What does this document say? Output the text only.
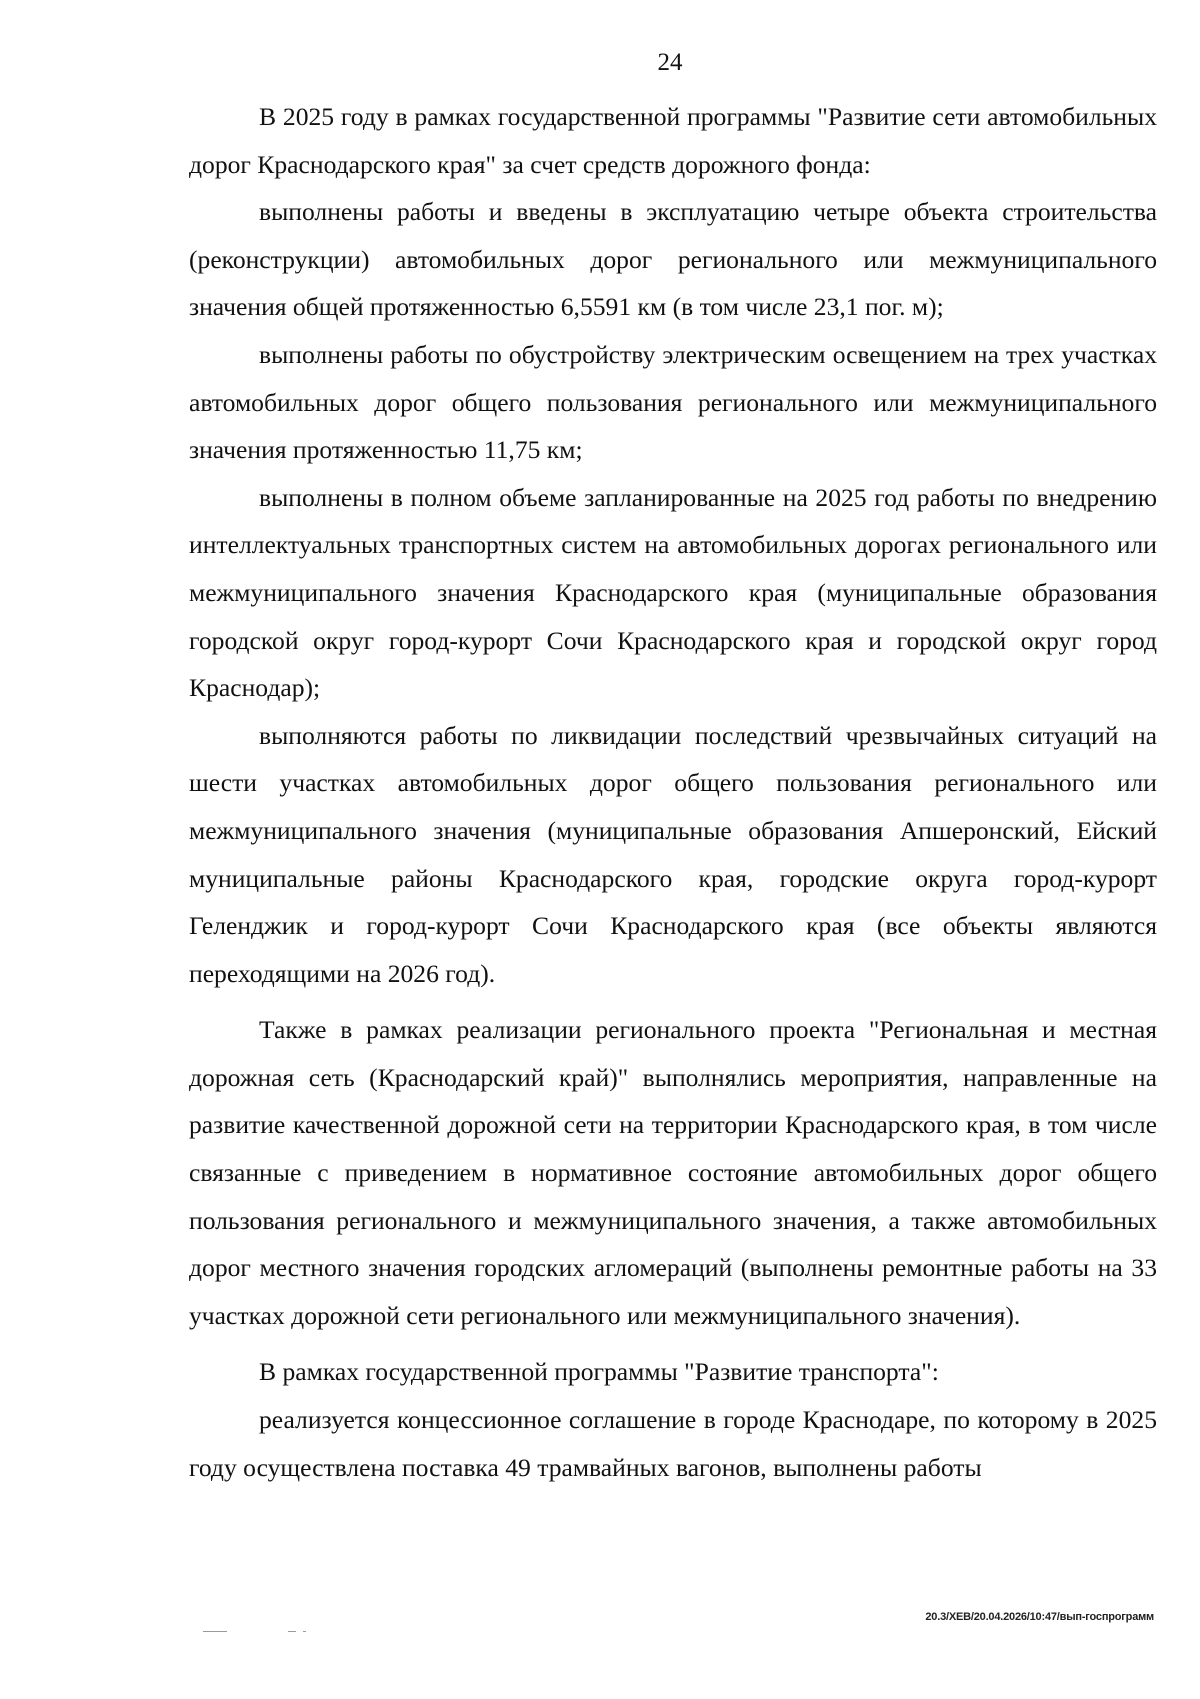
24

В 2025 году в рамках государственной программы "Развитие сети автомобильных дорог Краснодарского края" за счет средств дорожного фонда:

выполнены работы и введены в эксплуатацию четыре объекта строительства (реконструкции) автомобильных дорог регионального или межмуниципального значения общей протяженностью 6,5591 км (в том числе 23,1 пог. м);

выполнены работы по обустройству электрическим освещением на трех участках автомобильных дорог общего пользования регионального или межмуниципального значения протяженностью 11,75 км;

выполнены в полном объеме запланированные на 2025 год работы по внедрению интеллектуальных транспортных систем на автомобильных дорогах регионального или межмуниципального значения Краснодарского края (муниципальные образования городской округ город-курорт Сочи Краснодарского края и городской округ город Краснодар);

выполняются работы по ликвидации последствий чрезвычайных ситуаций на шести участках автомобильных дорог общего пользования регионального или межмуниципального значения (муниципальные образования Апшеронский, Ейский муниципальные районы Краснодарского края, городские округа город-курорт Геленджик и город-курорт Сочи Краснодарского края (все объекты являются переходящими на 2026 год).

Также в рамках реализации регионального проекта "Региональная и местная дорожная сеть (Краснодарский край)" выполнялись мероприятия, направленные на развитие качественной дорожной сети на территории Краснодарского края, в том числе связанные с приведением в нормативное состояние автомобильных дорог общего пользования регионального и межмуниципального значения, а также автомобильных дорог местного значения городских агломераций (выполнены ремонтные работы на 33 участках дорожной сети регионального или межмуниципального значения).

В рамках государственной программы "Развитие транспорта":

реализуется концессионное соглашение в городе Краснодаре, по которому в 2025 году осуществлена поставка 49 трамвайных вагонов, выполнены работы

20.3/ХЕВ/20.04.2026/10:47/вып-госпрограмм
